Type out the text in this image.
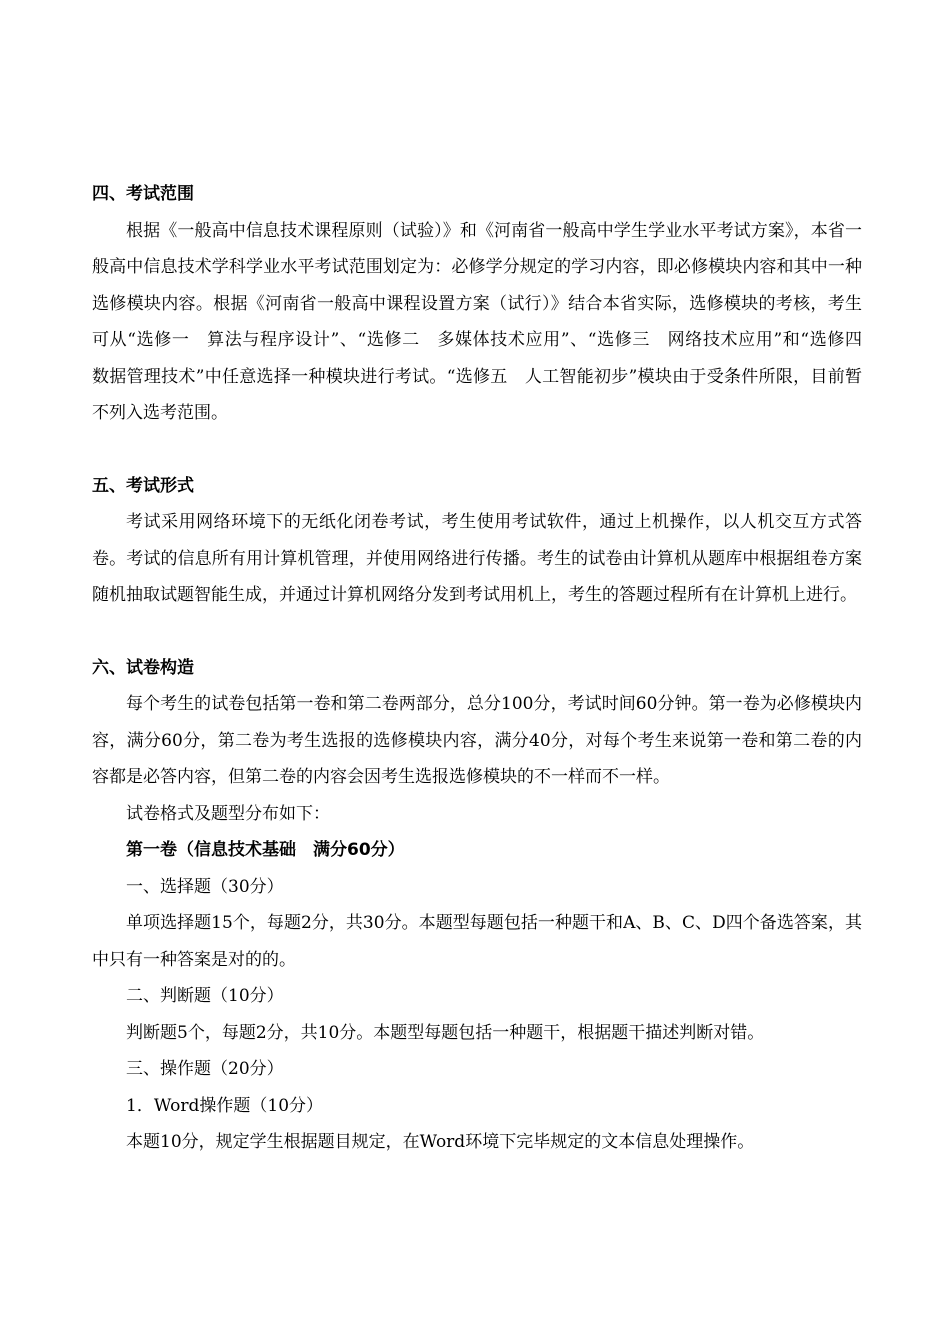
四、考试范围

根据《一般高中信息技术课程原则（试验）》和《河南省一般高中学生学业水平考试方案》，本省一般高中信息技术学科学业水平考试范围划定为：必修学分规定的学习内容，即必修模块内容和其中一种选修模块内容。根据《河南省一般高中课程设置方案（试行）》结合本省实际，选修模块的考核，考生可从“选修一　算法与程序设计”、“选修二　多媒体技术应用”、“选修三　网络技术应用”和“选修四　数据管理技术”中任意选择一种模块进行考试。“选修五　人工智能初步”模块由于受条件所限，目前暂不列入选考范围。

五、考试形式

考试采用网络环境下的无纸化闭卷考试，考生使用考试软件，通过上机操作，以人机交互方式答卷。考试的信息所有用计算机管理，并使用网络进行传播。考生的试卷由计算机从题库中根据组卷方案随机抽取试题智能生成，并通过计算机网络分发到考试用机上，考生的答题过程所有在计算机上进行。

六、试卷构造

每个考生的试卷包括第一卷和第二卷两部分，总分100分，考试时间60分钟。第一卷为必修模块内容，满分60分，第二卷为考生选报的选修模块内容，满分40分，对每个考生来说第一卷和第二卷的内容都是必答内容，但第二卷的内容会因考生选报选修模块的不一样而不一样。

试卷格式及题型分布如下：

第一卷（信息技术基础　满分60分）

一、选择题（30分）

单项选择题15个，每题2分，共30分。本题型每题包括一种题干和A、B、C、D四个备选答案，其中只有一种答案是对的的。

二、判断题（10分）

判断题5个，每题2分，共10分。本题型每题包括一种题干，根据题干描述判断对错。

三、操作题（20分）

1．Word操作题（10分）

本题10分，规定学生根据题目规定，在Word环境下完毕规定的文本信息处理操作。
